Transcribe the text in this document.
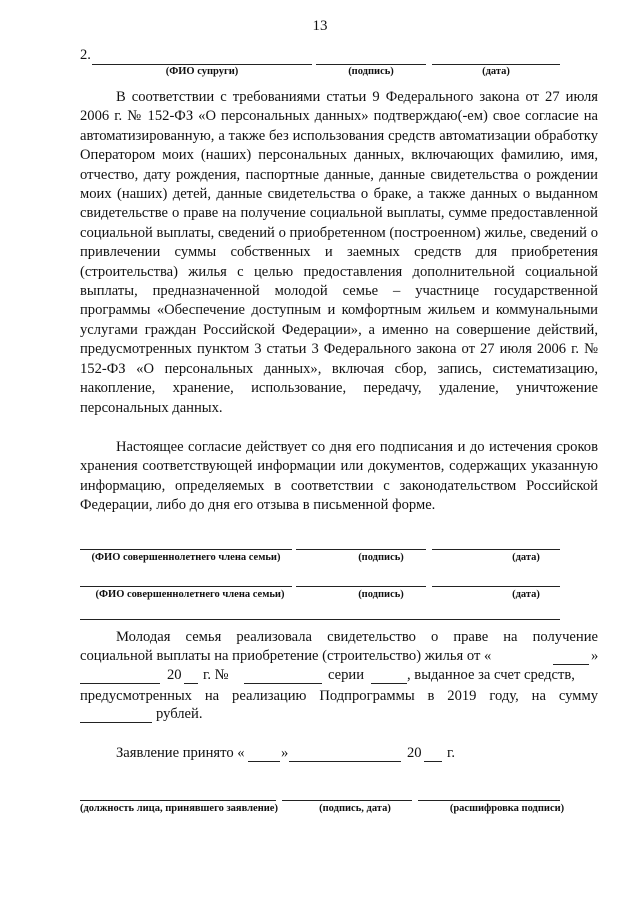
13
2.
(ФИО супруги)	(подпись)	(дата)
В соответствии с требованиями статьи 9 Федерального закона от 27 июля 2006 г. № 152-ФЗ «О персональных данных» подтверждаю(-ем) свое согласие на автоматизированную, а также без использования средств автоматизации обработку Оператором моих (наших) персональных данных, включающих фамилию, имя, отчество, дату рождения, паспортные данные, данные свидетельства о рождении моих (наших) детей, данные свидетельства о браке, а также данных о выданном свидетельстве о праве на получение социальной выплаты, сумме предоставленной социальной выплаты, сведений о приобретенном (построенном) жилье, сведений о привлечении суммы собственных и заемных средств для приобретения (строительства) жилья с целью предоставления дополнительной социальной выплаты, предназначенной молодой семье – участнице государственной программы «Обеспечение доступным и комфортным жильем и коммунальными услугами граждан Российской Федерации», а именно на совершение действий, предусмотренных пунктом 3 статьи 3 Федерального закона от 27 июля 2006 г. № 152-ФЗ «О персональных данных», включая сбор, запись, систематизацию, накопление, хранение, использование, передачу, удаление, уничтожение персональных данных.
Настоящее согласие действует со дня его подписания и до истечения сроков хранения соответствующей информации или документов, содержащих указанную информацию, определяемых в соответствии с законодательством Российской Федерации, либо до дня его отзыва в письменной форме.
(ФИО совершеннолетнего члена семьи)	(подпись)	(дата)
(ФИО совершеннолетнего члена семьи)	(подпись)	(дата)
Молодая семья реализовала свидетельство о праве на получение
социальной выплаты на приобретение (строительство) жилья от «	»
20 г. №	серии	, выданное за счет средств,
предусмотренных на реализацию Подпрограммы в 2019 году, на сумму
рублей.
Заявление принято « »	20 г.
(должность лица, принявшего заявление)	(подпись, дата)	(расшифровка подписи)
